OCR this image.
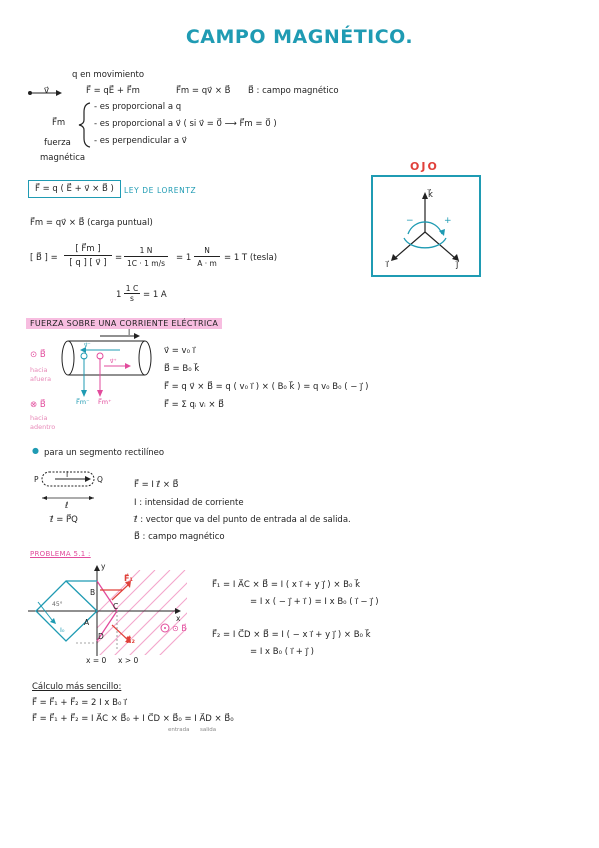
CAMPO MAGNÉTICO.
q en movimiento
v⃗	F⃗ = qE⃗ + F⃗m	F⃗m = qv⃗ × B⃗ B⃗ : campo magnético
F⃗m
fuerza
magnética
- es proporcional a q
- es proporcional a v⃗ ( si v⃗ = 0⃗ ⟶ F⃗m = 0⃗ )
- es perpendicular a v⃗
F⃗ = q ( E⃗ + v⃗ × B⃗ )	LEY DE LORENTZ
OJO
k⃗
i⃗	j⃗
−	+
F⃗m = qv⃗ × B⃗ (carga puntual)
[ B⃗ ] = $\frac{[ F⃗m ]}{[ q ] [ v⃗ ]} = \frac{1 N}{1C \cdot 1 m/s} = 1 \frac{N}{A \cdot m} = 1$ T (tesla)
$1 \frac{1 C}{s} = 1$ A
FUERZA SOBRE UNA CORRIENTE ELÉCTRICA
⊙ B⃗
hacia
afuera
⊗ B⃗
hacia
adentro
I
F⃗m⁻ F⃗m⁺
v⃗⁻
v⃗⁺
v⃗ = v₀ i⃗
B⃗ = B₀ k⃗
F⃗ = q v⃗ × B⃗ = q ( v₀ i⃗ ) × ( B₀ k⃗ ) = q v₀ B₀ ( − j⃗ )
F⃗ = Σ qᵢ vᵢ × B⃗
● para un segmento rectilíneo
P	Q
I
ℓ
ℓ⃗ = P⃗Q
F⃗ = I ℓ⃗ × B⃗
I : intensidad de corriente
ℓ⃗ : vector que va del punto de entrada al de salida.
B⃗ : campo magnético
PROBLEMA 5.1 :
y
x
A
B
C
D
45°
I₀
x = 0 x > 0
⊙ B⃗
F⃗₁
F⃗₂
F⃗₁ = I A⃗C × B⃗ = I ( x i⃗ + y j⃗ ) × B₀ k⃗
= I x ( − j⃗ + i⃗ ) = I x B₀ ( i⃗ − j⃗ )
F⃗₂ = I C⃗D × B⃗ = I ( − x i⃗ + y j⃗ ) × B₀ k⃗
= I x B₀ ( i⃗ + j⃗ )
Cálculo más sencillo:
F⃗ = F⃗₁ + F⃗₂ = 2 I x B₀ i⃗
F⃗ = F⃗₁ + F⃗₂ = I A⃗C × B⃗₀ + I C⃗D × B⃗₀ = I A⃗D × B⃗₀
entrada salida
